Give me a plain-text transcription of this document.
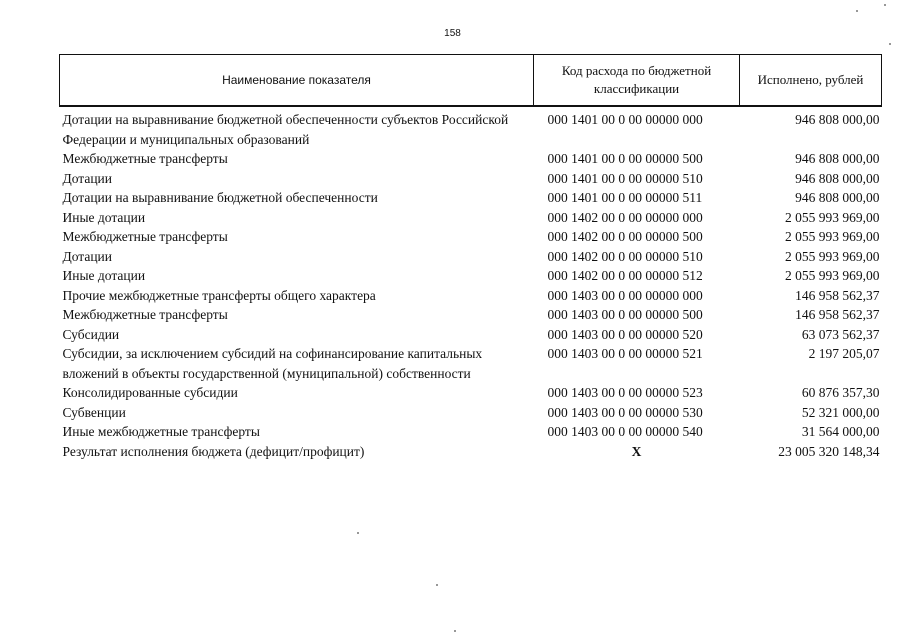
158
Наименование показателя	Код расхода по бюджетной классификации	Исполнено, рублей
Дотации на выравнивание бюджетной обеспеченности субъектов Российской Федерации и муниципальных образований	000 1401 00 0 00 00000 000	946 808 000,00
Межбюджетные трансферты	000 1401 00 0 00 00000 500	946 808 000,00
Дотации	000 1401 00 0 00 00000 510	946 808 000,00
Дотации на выравнивание бюджетной обеспеченности	000 1401 00 0 00 00000 511	946 808 000,00
Иные дотации	000 1402 00 0 00 00000 000	2 055 993 969,00
Межбюджетные трансферты	000 1402 00 0 00 00000 500	2 055 993 969,00
Дотации	000 1402 00 0 00 00000 510	2 055 993 969,00
Иные дотации	000 1402 00 0 00 00000 512	2 055 993 969,00
Прочие межбюджетные трансферты общего характера	000 1403 00 0 00 00000 000	146 958 562,37
Межбюджетные трансферты	000 1403 00 0 00 00000 500	146 958 562,37
Субсидии	000 1403 00 0 00 00000 520	63 073 562,37
Субсидии, за исключением субсидий на софинансирование капитальных вложений в объекты государственной (муниципальной) собственности	000 1403 00 0 00 00000 521	2 197 205,07
Консолидированные субсидии	000 1403 00 0 00 00000 523	60 876 357,30
Субвенции	000 1403 00 0 00 00000 530	52 321 000,00
Иные межбюджетные трансферты	000 1403 00 0 00 00000 540	31 564 000,00
Результат исполнения бюджета (дефицит/профицит)	X	23 005 320 148,34
